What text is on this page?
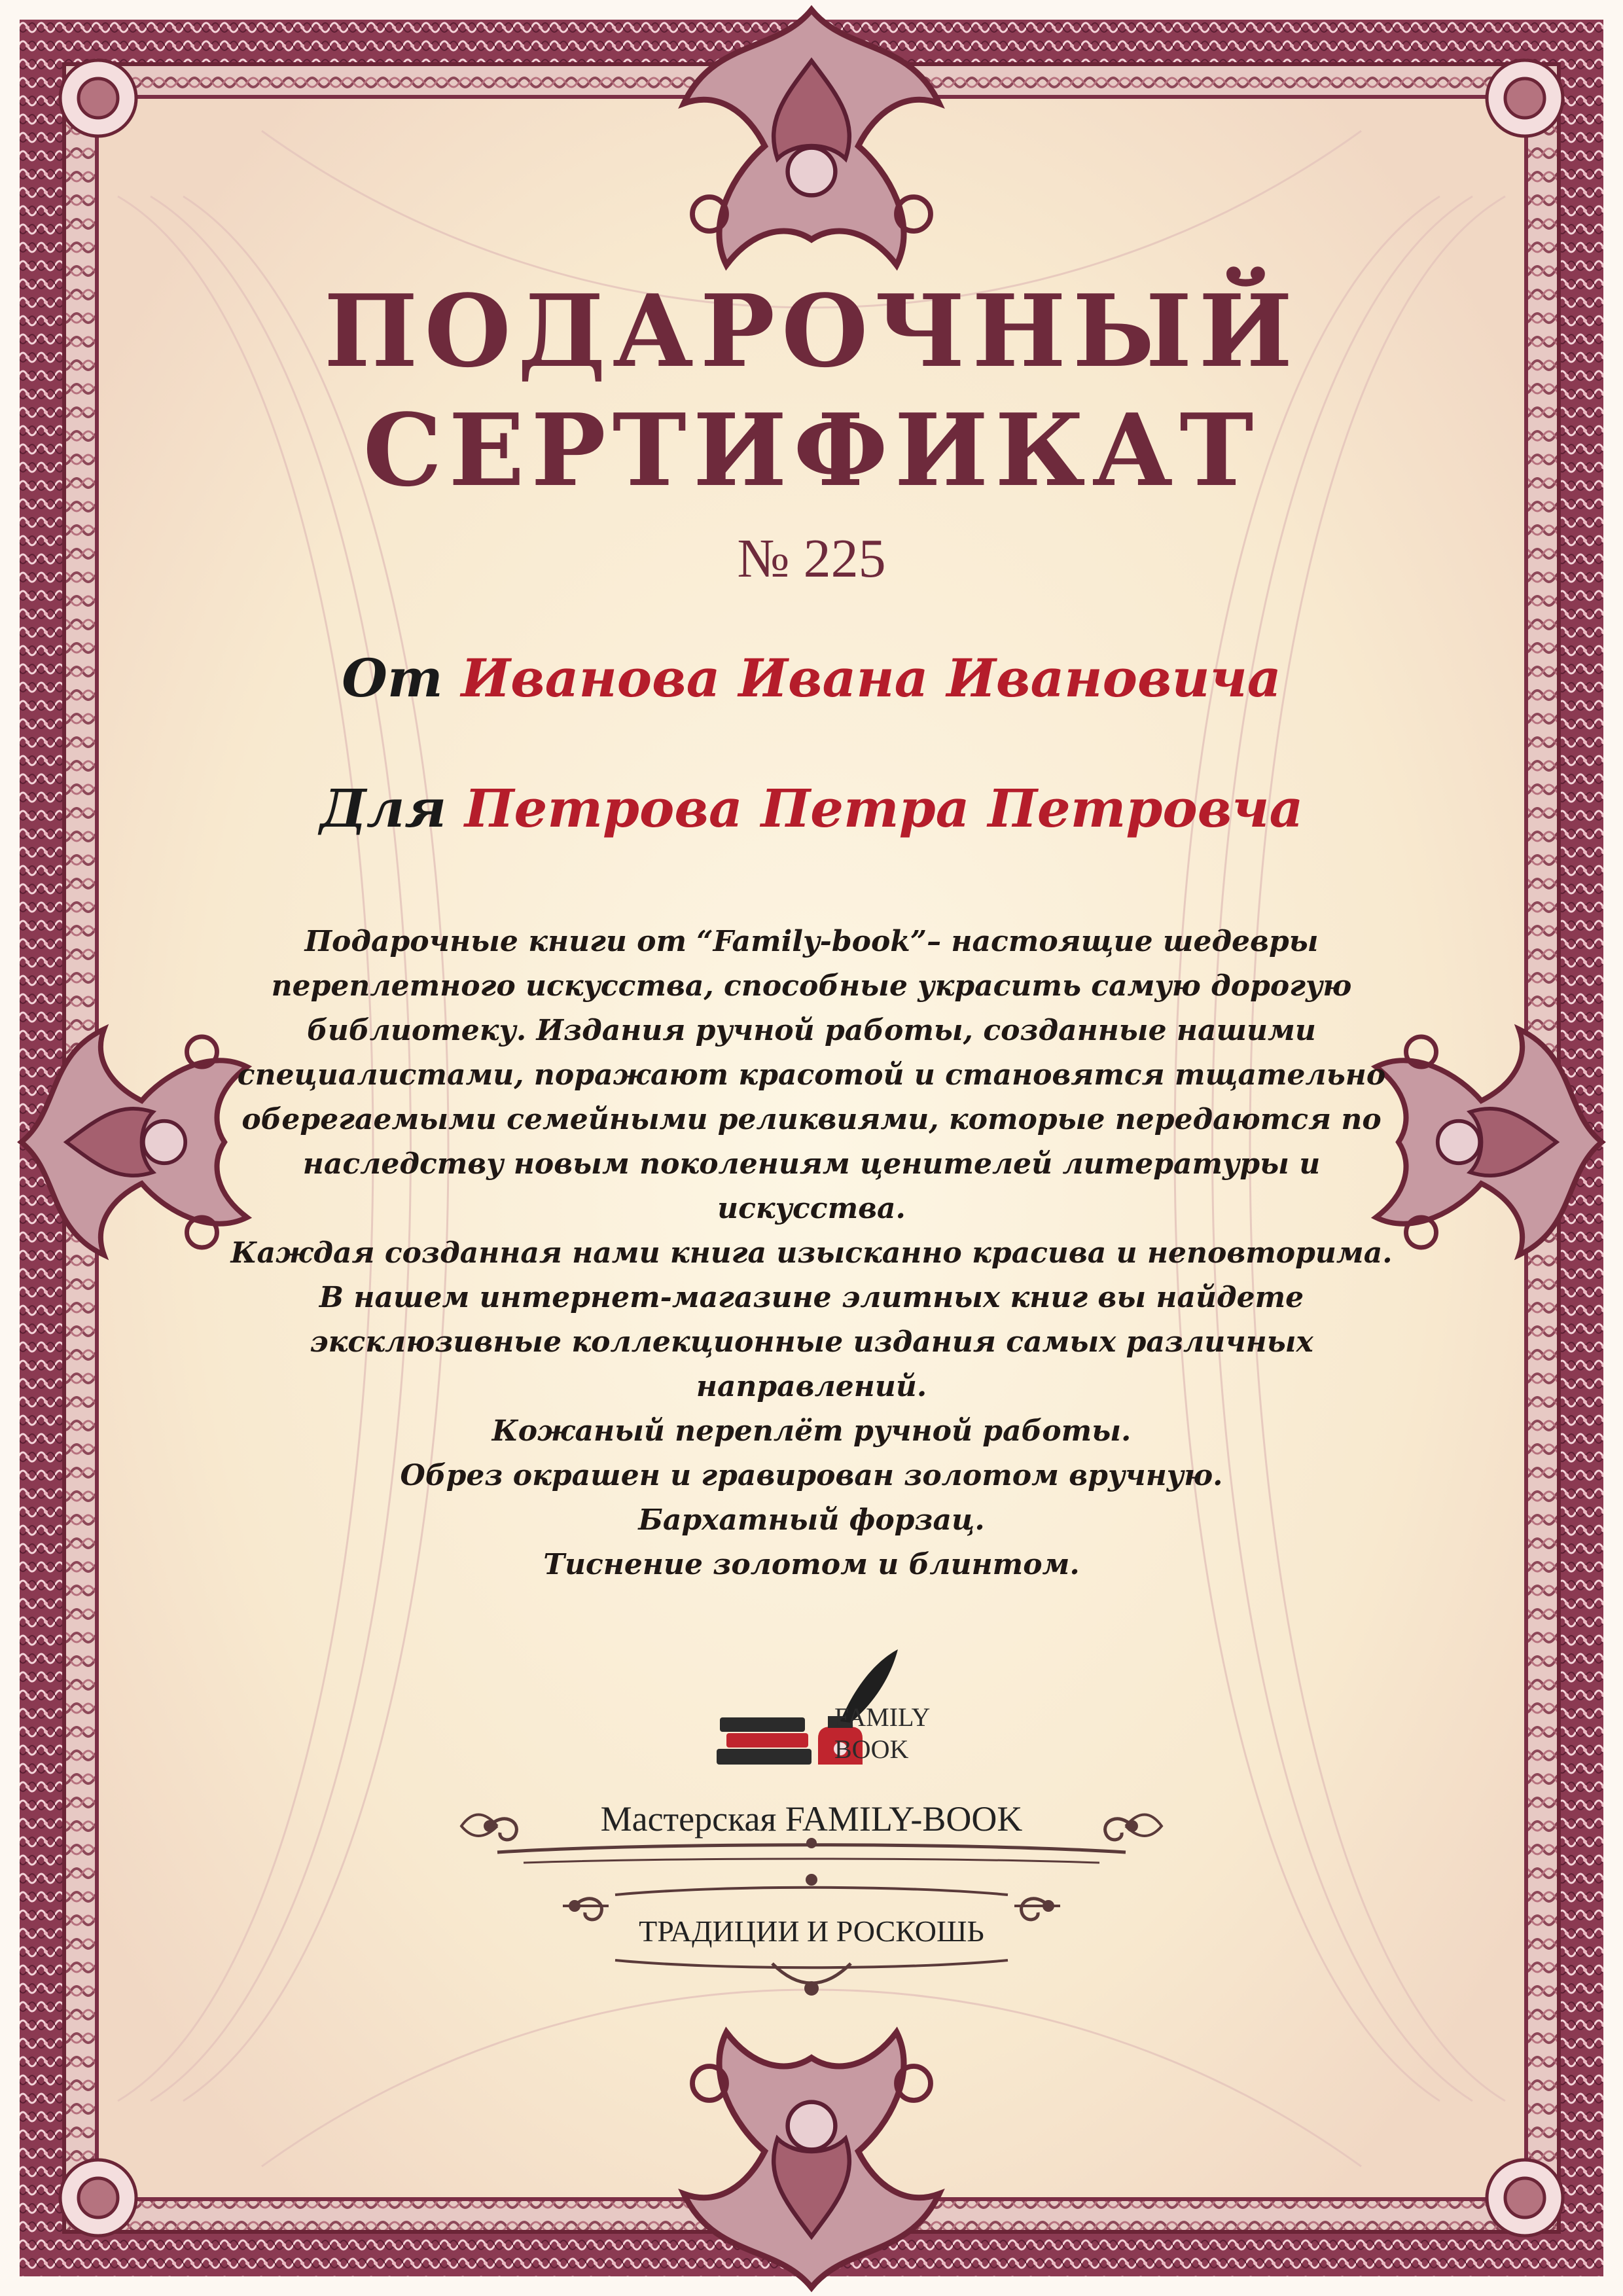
FAMILY
BOOK
ПОДАРОЧНЫЙ
СЕРТИФИКАТ
№ 225
От Иванова Ивана Ивановича
Для Петрова Петра Петровча
Подарочные книги от “Family-book”– настоящие шедевры
переплетного искусства, способные украсить самую дорогую
библиотеку. Издания ручной работы, созданные нашими
специалистами, поражают красотой и становятся тщательно
оберегаемыми семейными реликвиями, которые передаются по
наследству новым поколениям ценителей литературы и
искусства.
Каждая созданная нами книга изысканно красива и неповторима.
В нашем интернет-магазине элитных книг вы найдете
эксклюзивные коллекционные издания самых различных
направлений.
Кожаный переплёт ручной работы.
Обрез окрашен и гравирован золотом вручную.
Бархатный форзац.
Тиснение золотом и блинтом.
Мастерская FAMILY-BOOK
ТРАДИЦИИ И РОСКОШЬ
